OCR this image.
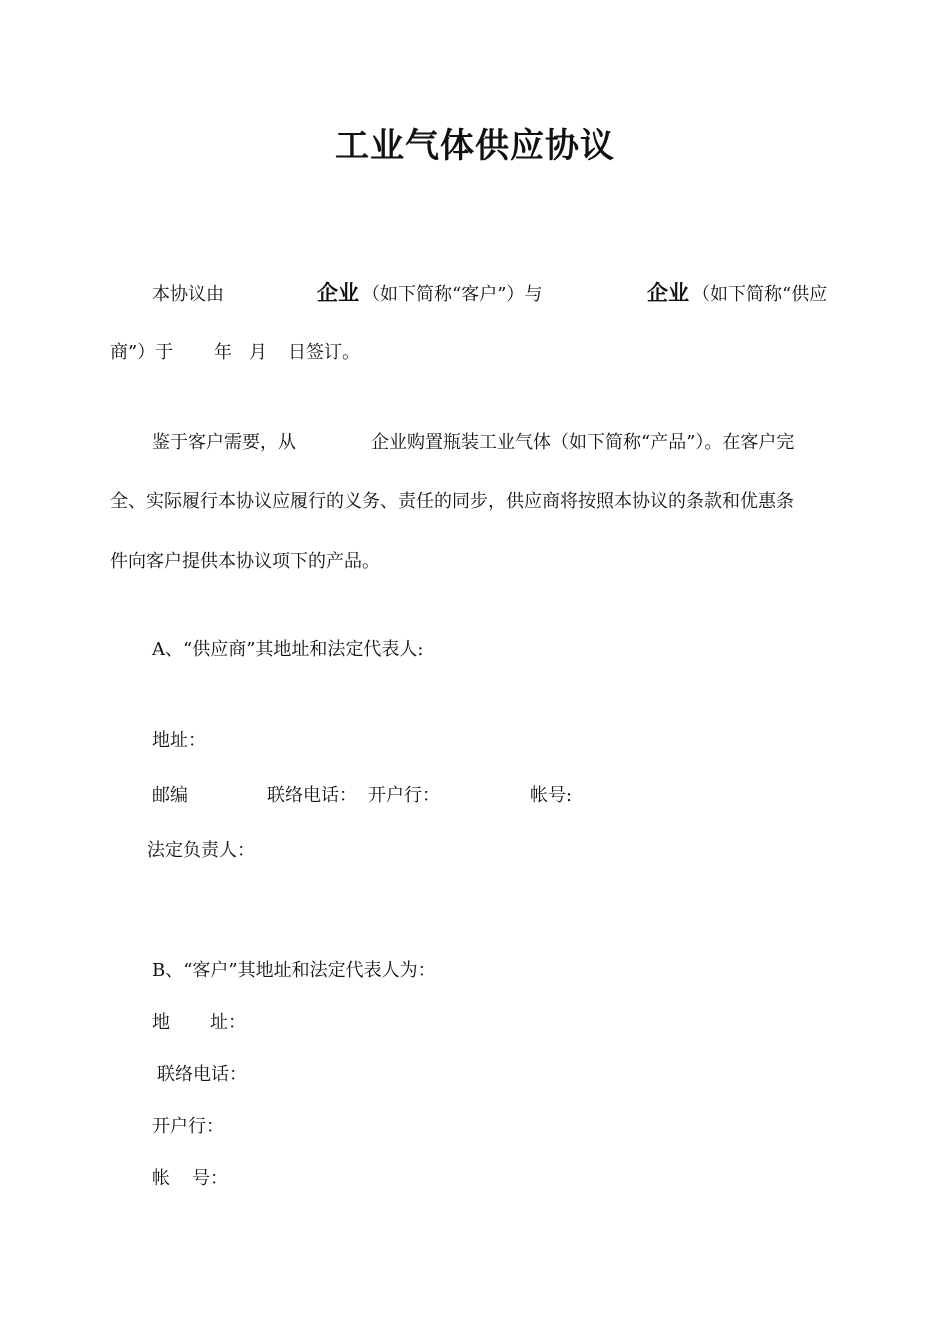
工业气体供应协议
本协议由	企业 （如下简称“客户”）与	企业 （如下简称“供应
商”）于 年 月 日签订。
鉴于客户需要，从	企业购置瓶装工业气体（如下简称“产品”）。在客户完
全、实际履行本协议应履行的义务、责任的同步，供应商将按照本协议的条款和优惠条
件向客户提供本协议项下的产品。
A、“供应商”其地址和法定代表人:
地址：
邮编	联络电话： 开户行：	帐号:
法定负责人：
B、“客户”其地址和法定代表人为：
地 址：
联络电话：
开户行：
帐 号：
